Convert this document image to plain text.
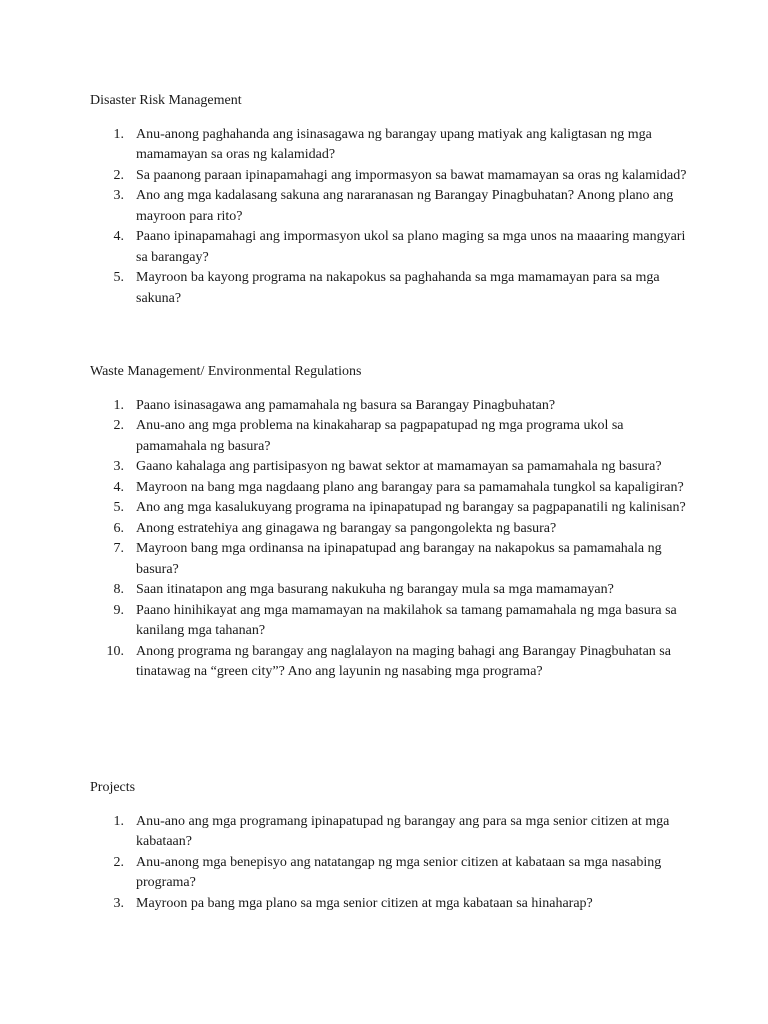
Disaster Risk Management

1. Anu-anong paghahanda ang isinasagawa ng barangay upang matiyak ang kaligtasan ng mga mamamayan sa oras ng kalamidad?
2. Sa paanong paraan ipinapamahagi ang impormasyon sa bawat mamamayan sa oras ng kalamidad?
3. Ano ang mga kadalasang sakuna ang nararanasan ng Barangay Pinagbuhatan? Anong plano ang mayroon para rito?
4. Paano ipinapamahagi ang impormasyon ukol sa plano maging sa mga unos na maaaring mangyari sa barangay?
5. Mayroon ba kayong programa na nakapokus sa paghahanda sa mga mamamayan para sa mga sakuna?

Waste Management/ Environmental Regulations

1. Paano isinasagawa ang pamamahala ng basura sa Barangay Pinagbuhatan?
2. Anu-ano ang mga problema na kinakaharap sa pagpapatupad ng mga programa ukol sa pamamahala ng basura?
3. Gaano kahalaga ang partisipasyon ng bawat sektor at mamamayan sa pamamahala ng basura?
4. Mayroon na bang mga nagdaang plano ang barangay para sa pamamahala tungkol sa kapaligiran?
5. Ano ang mga kasalukuyang programa na ipinapatupad ng barangay sa pagpapanatili ng kalinisan?
6. Anong estratehiya ang ginagawa ng barangay sa pangongolekta ng basura?
7. Mayroon bang mga ordinansa na ipinapatupad ang barangay na nakapokus sa pamamahala ng basura?
8. Saan itinatapon ang mga basurang nakukuha ng barangay mula sa mga mamamayan?
9. Paano hinihikayat ang mga mamamayan na makilahok sa tamang pamamahala ng mga basura sa kanilang mga tahanan?
10. Anong programa ng barangay ang naglalayon na maging bahagi ang Barangay Pinagbuhatan sa tinatawag na “green city”? Ano ang layunin ng nasabing mga programa?

Projects

1. Anu-ano ang mga programang ipinapatupad ng barangay ang para sa mga senior citizen at mga kabataan?
2. Anu-anong mga benepisyo ang natatangap ng mga senior citizen at kabataan sa mga nasabing programa?
3. Mayroon pa bang mga plano sa mga senior citizen at mga kabataan sa hinaharap?
